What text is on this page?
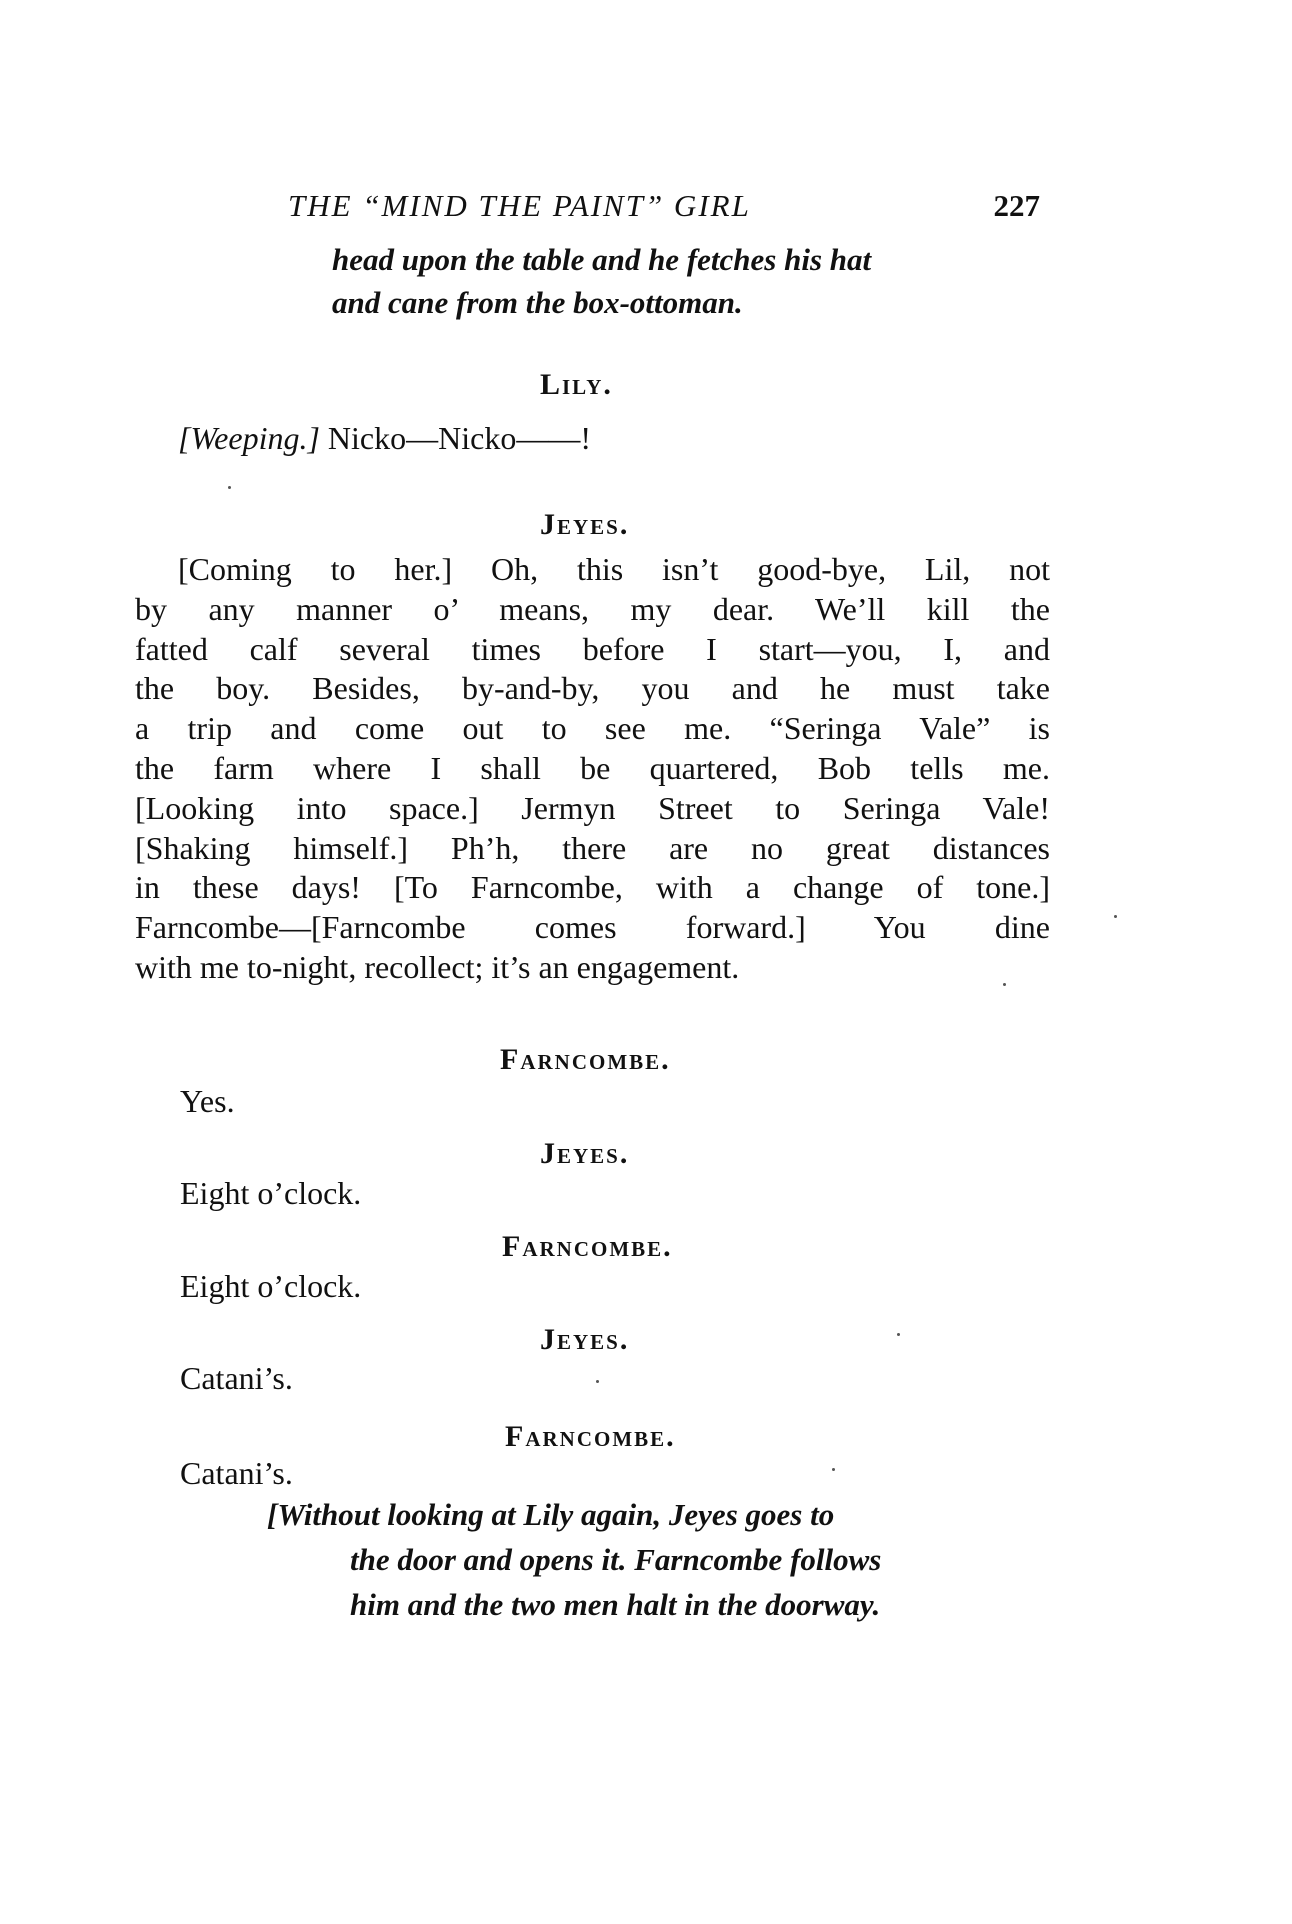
THE “MIND THE PAINT” GIRL	227
head upon the table and he fetches his hat
and cane from the box-ottoman.
Lily.
[Weeping.] Nicko—Nicko——!
Jeyes.
[Coming to her.] Oh, this isn’t good-bye, Lil, not
by any manner o’ means, my dear. We’ll kill the
fatted calf several times before I start—you, I, and
the boy. Besides, by-and-by, you and he must take
a trip and come out to see me. “Seringa Vale” is
the farm where I shall be quartered, Bob tells me.
[Looking into space.] Jermyn Street to Seringa Vale!
[Shaking himself.] Ph’h, there are no great distances
in these days! [To Farncombe, with a change of tone.]
Farncombe—[Farncombe comes forward.] You dine
with me to-night, recollect; it’s an engagement.
Farncombe.
Yes.
Jeyes.
Eight o’clock.
Farncombe.
Eight o’clock.
Jeyes.
Catani’s.
Farncombe.
Catani’s.
[Without looking at Lily again, Jeyes goes to
the door and opens it. Farncombe follows
him and the two men halt in the doorway.
